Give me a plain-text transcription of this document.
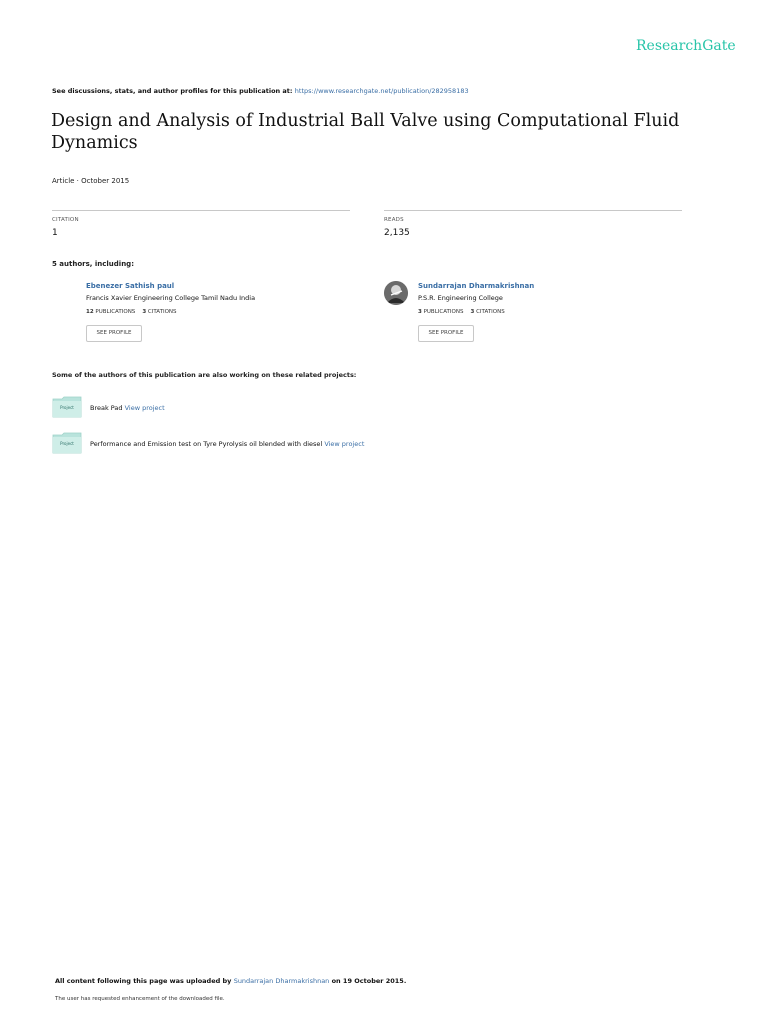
ResearchGate
See discussions, stats, and author profiles for this publication at: https://www.researchgate.net/publication/282958183
Design and Analysis of Industrial Ball Valve using Computational Fluid Dynamics
Article · October 2015
CITATION
1
READS
2,135
5 authors, including:
Ebenezer Sathish paul
Francis Xavier Engineering College Tamil Nadu India
12 PUBLICATIONS 3 CITATIONS
SEE PROFILE
Sundarrajan Dharmakrishnan
P.S.R. Engineering College
3 PUBLICATIONS 3 CITATIONS
SEE PROFILE
Some of the authors of this publication are also working on these related projects:
Project	Break Pad View project
Project	Performance and Emission test on Tyre Pyrolysis oil blended with diesel View project
All content following this page was uploaded by Sundarrajan Dharmakrishnan on 19 October 2015.
The user has requested enhancement of the downloaded file.
